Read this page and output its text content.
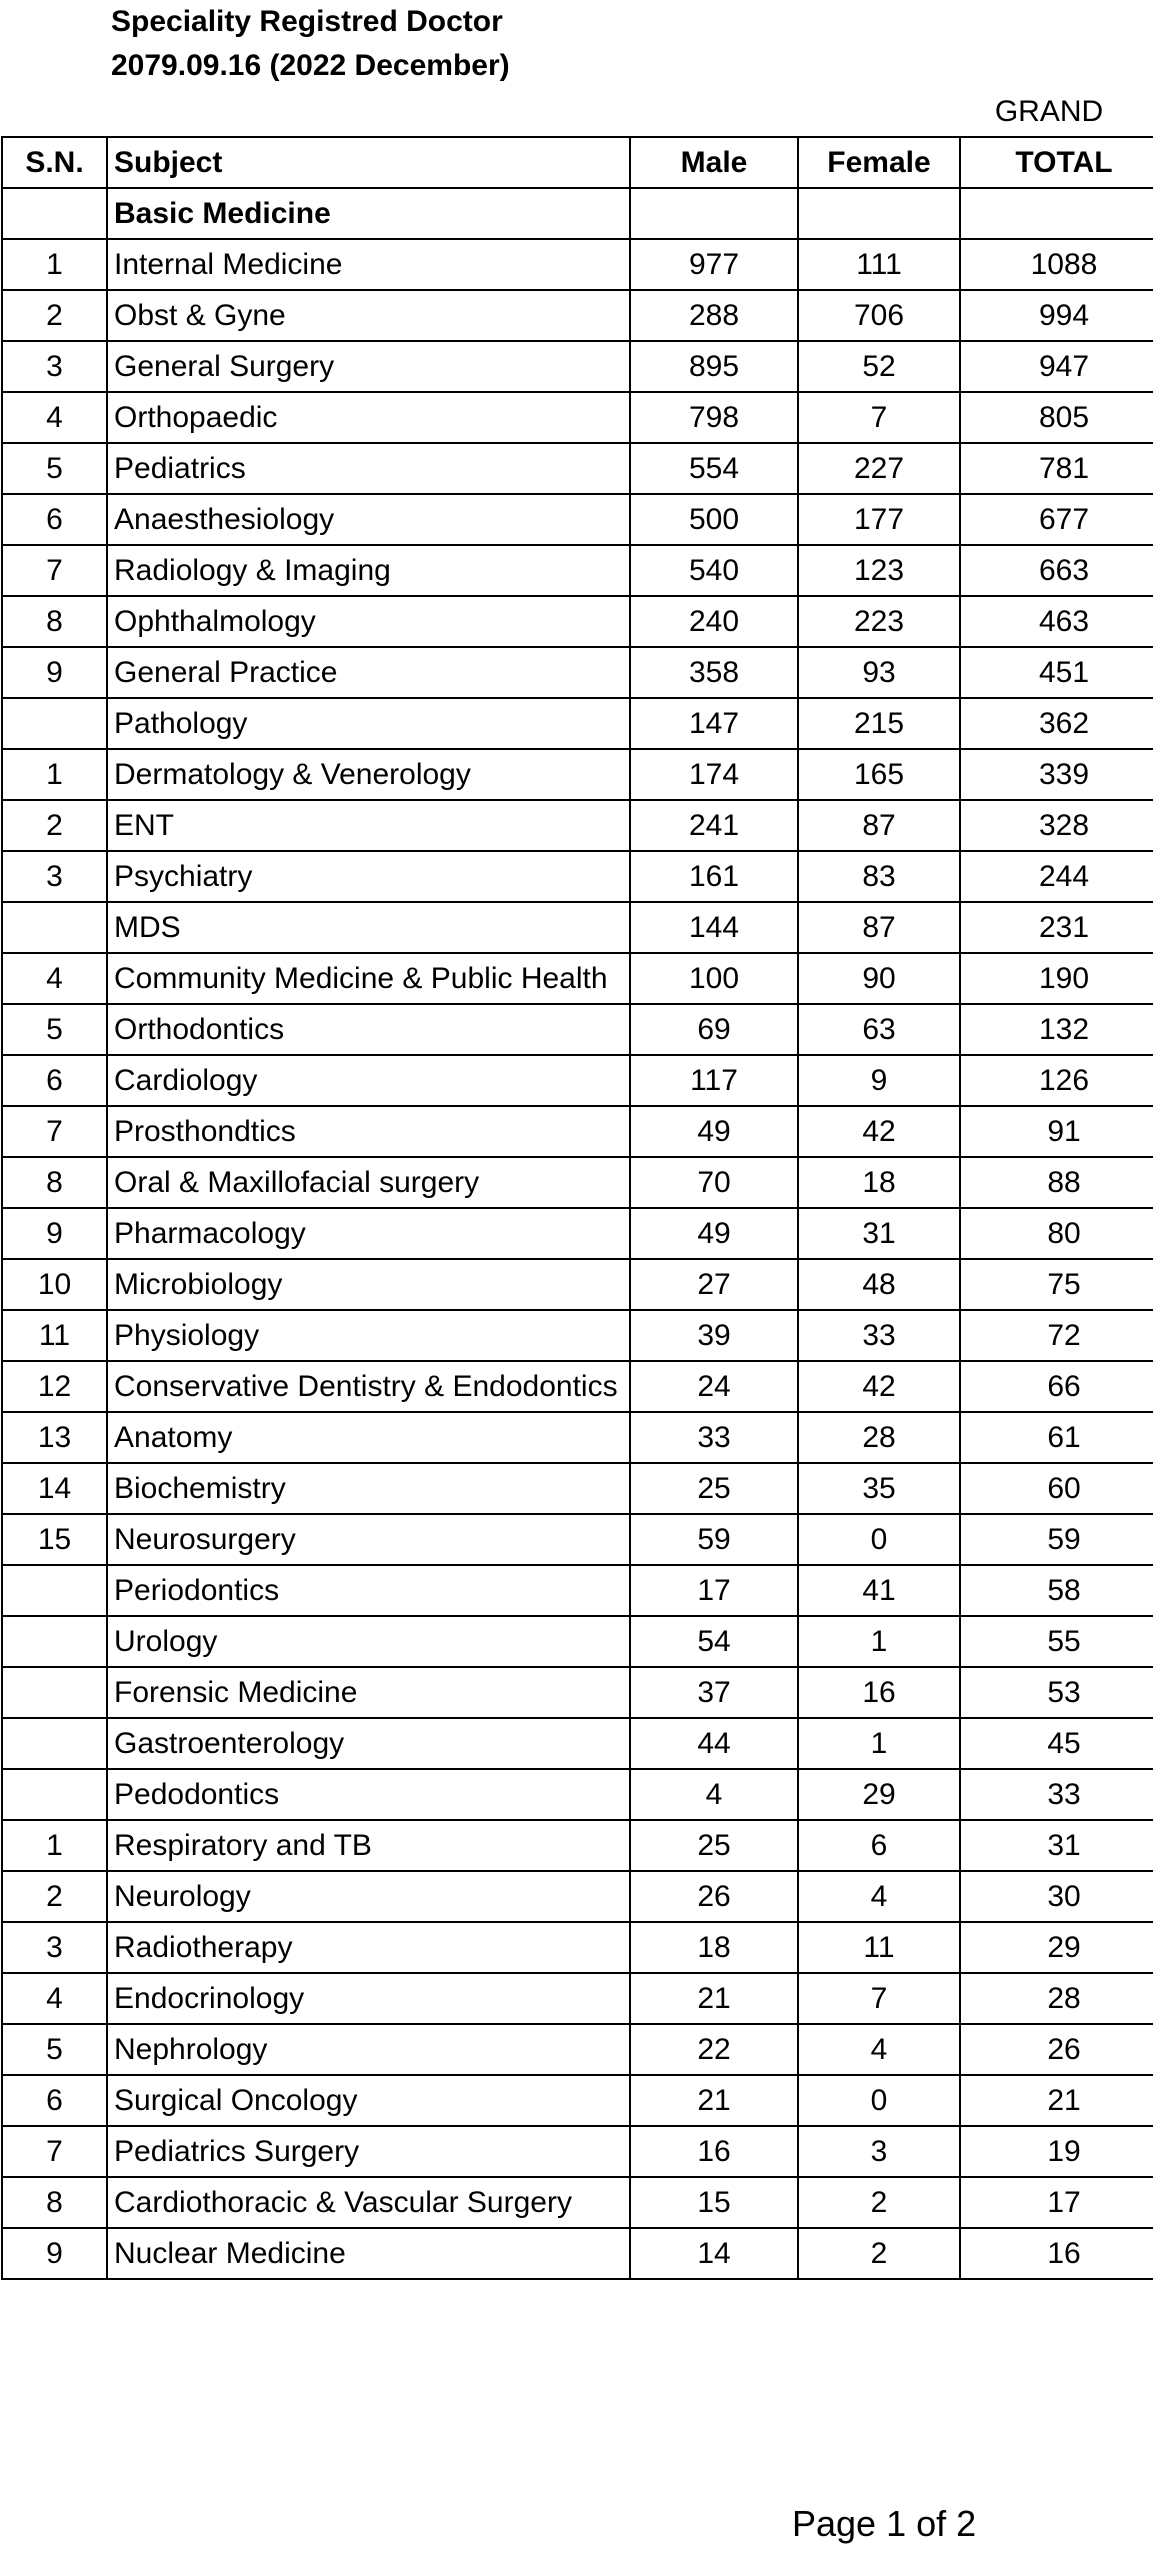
Speciality Registred Doctor
2079.09.16 (2022 December)
GRAND
S.N.	Subject	Male	Female	TOTAL
	Basic Medicine			
1	Internal Medicine	977	111	1088
2	Obst & Gyne	288	706	994
3	General Surgery	895	52	947
4	Orthopaedic	798	7	805
5	Pediatrics	554	227	781
6	Anaesthesiology	500	177	677
7	Radiology & Imaging	540	123	663
8	Ophthalmology	240	223	463
9	General Practice	358	93	451
	Pathology	147	215	362
1	Dermatology & Venerology	174	165	339
2	ENT	241	87	328
3	Psychiatry	161	83	244
	MDS	144	87	231
4	Community Medicine & Public Health	100	90	190
5	Orthodontics	69	63	132
6	Cardiology	117	9	126
7	Prosthondtics	49	42	91
8	Oral & Maxillofacial surgery	70	18	88
9	Pharmacology	49	31	80
10	Microbiology	27	48	75
11	Physiology	39	33	72
12	Conservative Dentistry & Endodontics	24	42	66
13	Anatomy	33	28	61
14	Biochemistry	25	35	60
15	Neurosurgery	59	0	59
	Periodontics	17	41	58
	Urology	54	1	55
	Forensic Medicine	37	16	53
	Gastroenterology	44	1	45
	Pedodontics	4	29	33
1	Respiratory and TB	25	6	31
2	Neurology	26	4	30
3	Radiotherapy	18	11	29
4	Endocrinology	21	7	28
5	Nephrology	22	4	26
6	Surgical Oncology	21	0	21
7	Pediatrics Surgery	16	3	19
8	Cardiothoracic & Vascular Surgery	15	2	17
9	Nuclear Medicine	14	2	16
Page 1 of 2
